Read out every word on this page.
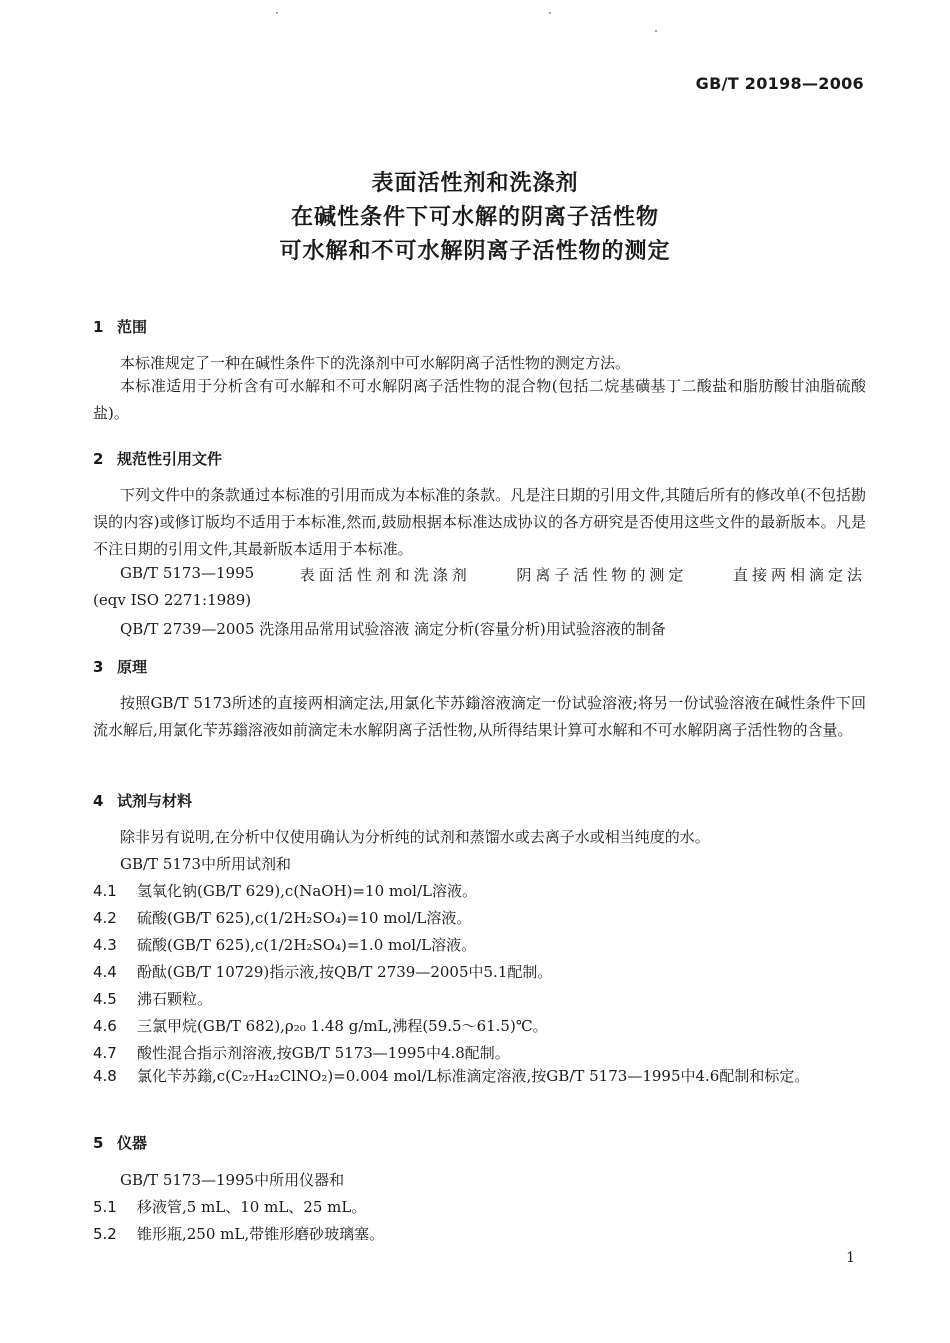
GB/T 20198—2006
表面活性剂和洗涤剂
在碱性条件下可水解的阴离子活性物
可水解和不可水解阴离子活性物的测定
1 范围
本标准规定了一种在碱性条件下的洗涤剂中可水解阴离子活性物的测定方法。
本标准适用于分析含有可水解和不可水解阴离子活性物的混合物(包括二烷基磺基丁二酸盐和脂肪酸甘油脂硫酸盐)。
2 规范性引用文件
下列文件中的条款通过本标准的引用而成为本标准的条款。凡是注日期的引用文件,其随后所有的修改单(不包括勘误的内容)或修订版均不适用于本标准,然而,鼓励根据本标准达成协议的各方研究是否使用这些文件的最新版本。凡是不注日期的引用文件,其最新版本适用于本标准。
GB/T 5173—1995	表面活性剂和洗涤剂	阴离子活性物的测定	直接两相滴定法
(eqv ISO 2271:1989)
QB/T 2739—2005 洗涤用品常用试验溶液 滴定分析(容量分析)用试验溶液的制备
3 原理
按照GB/T 5173所述的直接两相滴定法,用氯化苄苏鎓溶液滴定一份试验溶液;将另一份试验溶液在碱性条件下回流水解后,用氯化苄苏鎓溶液如前滴定未水解阴离子活性物,从所得结果计算可水解和不可水解阴离子活性物的含量。
4 试剂与材料
除非另有说明,在分析中仅使用确认为分析纯的试剂和蒸馏水或去离子水或相当纯度的水。
GB/T 5173中所用试剂和
4.1 氢氧化钠(GB/T 629),c(NaOH)=10 mol/L溶液。
4.2 硫酸(GB/T 625),c(1/2H₂SO₄)=10 mol/L溶液。
4.3 硫酸(GB/T 625),c(1/2H₂SO₄)=1.0 mol/L溶液。
4.4 酚酞(GB/T 10729)指示液,按QB/T 2739—2005中5.1配制。
4.5 沸石颗粒。
4.6 三氯甲烷(GB/T 682),ρ₂₀ 1.48 g/mL,沸程(59.5～61.5)℃。
4.7 酸性混合指示剂溶液,按GB/T 5173—1995中4.8配制。
4.8 氯化苄苏鎓,c(C₂₇H₄₂ClNO₂)=0.004 mol/L标准滴定溶液,按GB/T 5173—1995中4.6配制和标定。
5 仪器
GB/T 5173—1995中所用仪器和
5.1 移液管,5 mL、10 mL、25 mL。
5.2 锥形瓶,250 mL,带锥形磨砂玻璃塞。
1
